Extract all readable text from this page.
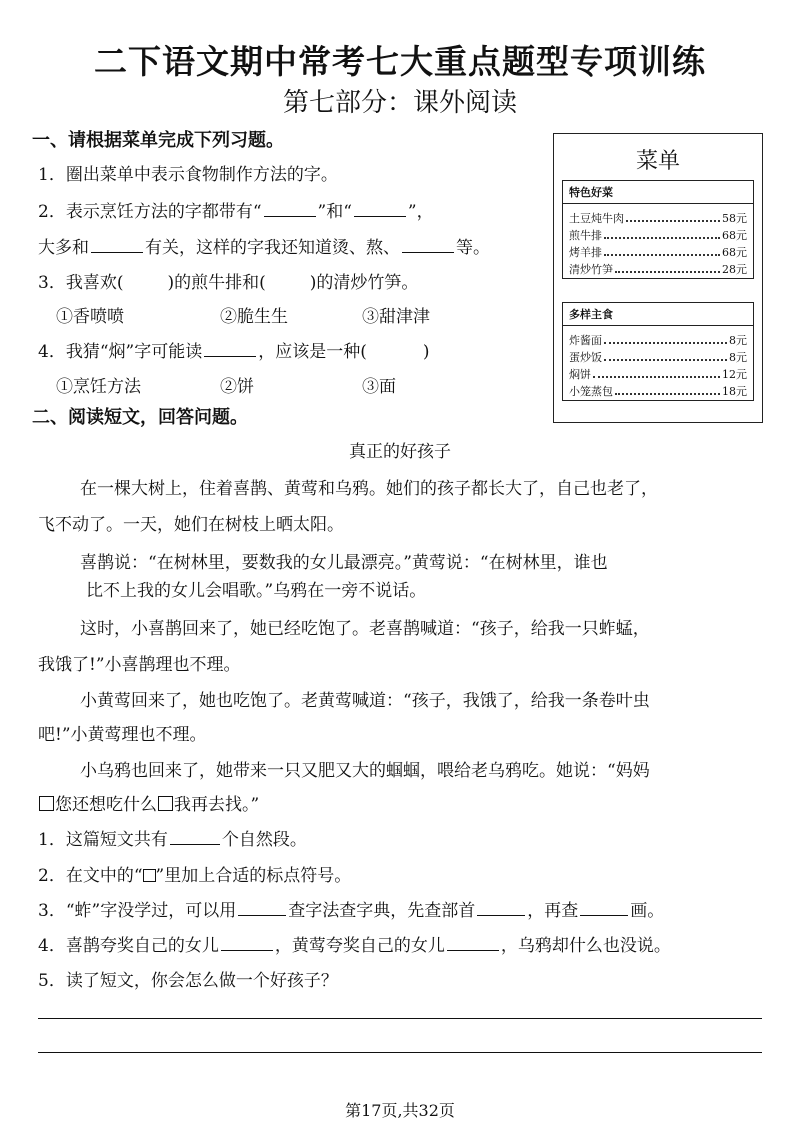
二下语文期中常考七大重点题型专项训练
第七部分：课外阅读
一、请根据菜单完成下列习题。
1．圈出菜单中表示食物制作方法的字。
2．表示烹饪方法的字都带有“	”和“	”，
大多和	有关，这样的字我还知道烫、熬、	等。
3．我喜欢(	)的煎牛排和(	)的清炒竹笋。
①香喷喷	②脆生生	③甜津津
4．我猜“焖”字可能读	，应该是一种(	)
①烹饪方法	②饼	③面
菜单
特色好菜
土豆炖牛肉	58元
煎牛排	68元
烤羊排	68元
清炒竹笋	28元
多样主食
炸酱面	8元
蛋炒饭	8元
焖饼	12元
小笼蒸包	18元
二、阅读短文，回答问题。
真正的好孩子
在一棵大树上，住着喜鹊、黄莺和乌鸦。她们的孩子都长大了，自己也老了，
飞不动了。一天，她们在树枝上晒太阳。
喜鹊说：“在树林里，要数我的女儿最漂亮。”黄莺说：“在树林里，谁也
比不上我的女儿会唱歌。”乌鸦在一旁不说话。
这时，小喜鹊回来了，她已经吃饱了。老喜鹊喊道：“孩子，给我一只蚱蜢，
我饿了!”小喜鹊理也不理。
小黄莺回来了，她也吃饱了。老黄莺喊道：“孩子，我饿了，给我一条卷叶虫
吧!”小黄莺理也不理。
小乌鸦也回来了，她带来一只又肥又大的蝈蝈，喂给老乌鸦吃。她说：“妈妈
您还想吃什么 我再去找。”
1．这篇短文共有	个自然段。
2．在文中的“ ”里加上合适的标点符号。
3．“蚱”字没学过，可以用	查字法查字典，先查部首	，再查	画。
4．喜鹊夸奖自己的女儿	，黄莺夸奖自己的女儿	，乌鸦却什么也没说。
5．读了短文，你会怎么做一个好孩子？
第17页,共32页
